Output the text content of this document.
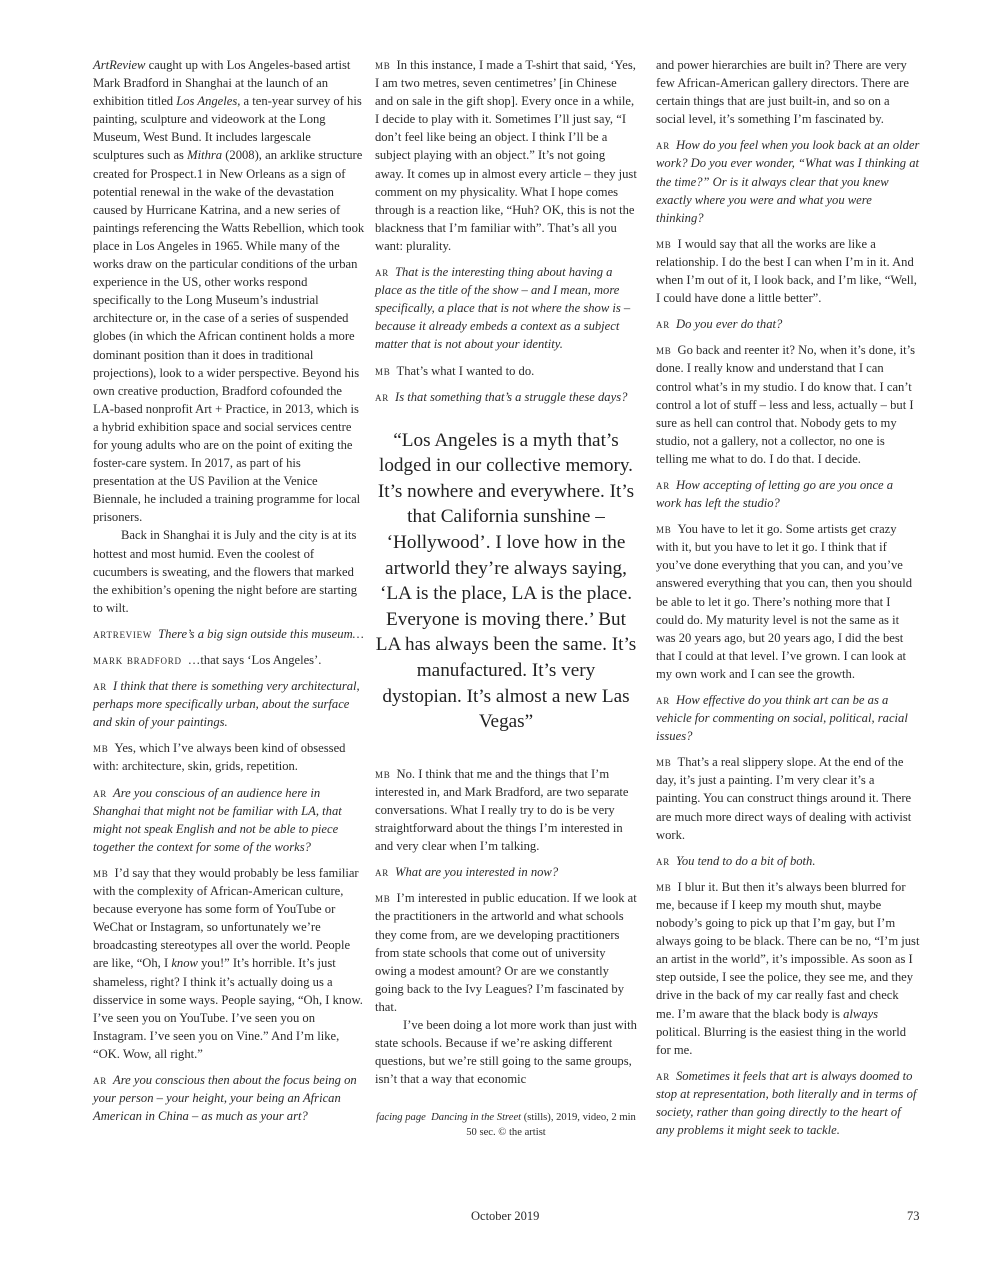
ArtReview caught up with Los Angeles-based artist Mark Bradford in Shanghai at the launch of an exhibition titled Los Angeles, a ten-year survey of his painting, sculpture and videowork at the Long Museum, West Bund. It includes largescale sculptures such as Mithra (2008), an arklike structure created for Prospect.1 in New Orleans as a sign of potential renewal in the wake of the devastation caused by Hurricane Katrina, and a new series of paintings referencing the Watts Rebellion, which took place in Los Angeles in 1965. While many of the works draw on the particular conditions of the urban experience in the US, other works respond specifically to the Long Museum’s industrial architecture or, in the case of a series of suspended globes (in which the African continent holds a more dominant position than it does in traditional projections), look to a wider perspective. Beyond his own creative production, Bradford cofounded the LA-based nonprofit Art + Practice, in 2013, which is a hybrid exhibition space and social services centre for young adults who are on the point of exiting the foster-care system. In 2017, as part of his presentation at the US Pavilion at the Venice Biennale, he included a training programme for local prisoners.

Back in Shanghai it is July and the city is at its hottest and most humid. Even the coolest of cucumbers is sweating, and the flowers that marked the exhibition’s opening the night before are starting to wilt.

artreview There’s a big sign outside this museum…

mark bradford …that says ‘Los Angeles’.

ar I think that there is something very architectural, perhaps more specifically urban, about the surface and skin of your paintings.

mb Yes, which I’ve always been kind of obsessed with: architecture, skin, grids, repetition.

ar Are you conscious of an audience here in Shanghai that might not be familiar with LA, that might not speak English and not be able to piece together the context for some of the works?

mb I’d say that they would probably be less familiar with the complexity of African-American culture, because everyone has some form of YouTube or WeChat or Instagram, so unfortunately we’re broadcasting stereotypes all over the world. People are like, “Oh, I know you!” It’s horrible. It’s just shameless, right? I think it’s actually doing us a disservice in some ways. People saying, “Oh, I know. I’ve seen you on YouTube. I’ve seen you on Instagram. I’ve seen you on Vine.” And I’m like, “OK. Wow, all right.”

ar Are you conscious then about the focus being on your person – your height, your being an African American in China – as much as your art?

mb In this instance, I made a T-shirt that said, ‘Yes, I am two metres, seven centimetres’ [in Chinese and on sale in the gift shop]. Every once in a while, I decide to play with it. Sometimes I’ll just say, “I don’t feel like being an object. I think I’ll be a subject playing with an object.” It’s not going away. It comes up in almost every article – they just comment on my physicality. What I hope comes through is a reaction like, “Huh? OK, this is not the blackness that I’m familiar with”. That’s all you want: plurality.

ar That is the interesting thing about having a place as the title of the show – and I mean, more specifically, a place that is not where the show is – because it already embeds a context as a subject matter that is not about your identity.

mb That’s what I wanted to do.

ar Is that something that’s a struggle these days?

“Los Angeles is a myth that’s lodged in our collective memory. It’s nowhere and everywhere. It’s that California sunshine – ‘Hollywood’. I love how in the artworld they’re always saying, ‘LA is the place, LA is the place. Everyone is moving there.’ But LA has always been the same. It’s manufactured. It’s very dystopian. It’s almost a new Las Vegas”

mb No. I think that me and the things that I’m interested in, and Mark Bradford, are two separate conversations. What I really try to do is be very straightforward about the things I’m interested in and very clear when I’m talking.

ar What are you interested in now?

mb I’m interested in public education. If we look at the practitioners in the artworld and what schools they come from, are we developing practitioners from state schools that come out of university owing a modest amount? Or are we constantly going back to the Ivy Leagues? I’m fascinated by that.

I’ve been doing a lot more work than just with state schools. Because if we’re asking different questions, but we’re still going to the same groups, isn’t that a way that economic

facing page Dancing in the Street (stills), 2019, video, 2 min 50 sec. © the artist

and power hierarchies are built in? There are very few African-American gallery directors. There are certain things that are just built-in, and so on a social level, it’s something I’m fascinated by.

ar How do you feel when you look back at an older work? Do you ever wonder, “What was I thinking at the time?” Or is it always clear that you knew exactly where you were and what you were thinking?

mb I would say that all the works are like a relationship. I do the best I can when I’m in it. And when I’m out of it, I look back, and I’m like, “Well, I could have done a little better”.

ar Do you ever do that?

mb Go back and reenter it? No, when it’s done, it’s done. I really know and understand that I can control what’s in my studio. I do know that. I can’t control a lot of stuff – less and less, actually – but I sure as hell can control that. Nobody gets to my studio, not a gallery, not a collector, no one is telling me what to do. I do that. I decide.

ar How accepting of letting go are you once a work has left the studio?

mb You have to let it go. Some artists get crazy with it, but you have to let it go. I think that if you’ve done everything that you can, and you’ve answered everything that you can, then you should be able to let it go. There’s nothing more that I could do. My maturity level is not the same as it was 20 years ago, but 20 years ago, I did the best that I could at that level. I’ve grown. I can look at my own work and I can see the growth.

ar How effective do you think art can be as a vehicle for commenting on social, political, racial issues?

mb That’s a real slippery slope. At the end of the day, it’s just a painting. I’m very clear it’s a painting. You can construct things around it. There are much more direct ways of dealing with activist work.

ar You tend to do a bit of both.

mb I blur it. But then it’s always been blurred for me, because if I keep my mouth shut, maybe nobody’s going to pick up that I’m gay, but I’m always going to be black. There can be no, “I’m just an artist in the world”, it’s impossible. As soon as I step outside, I see the police, they see me, and they drive in the back of my car really fast and check me. I’m aware that the black body is always political. Blurring is the easiest thing in the world for me.

ar Sometimes it feels that art is always doomed to stop at representation, both literally and in terms of society, rather than going directly to the heart of any problems it might seek to tackle.

October 2019	73
